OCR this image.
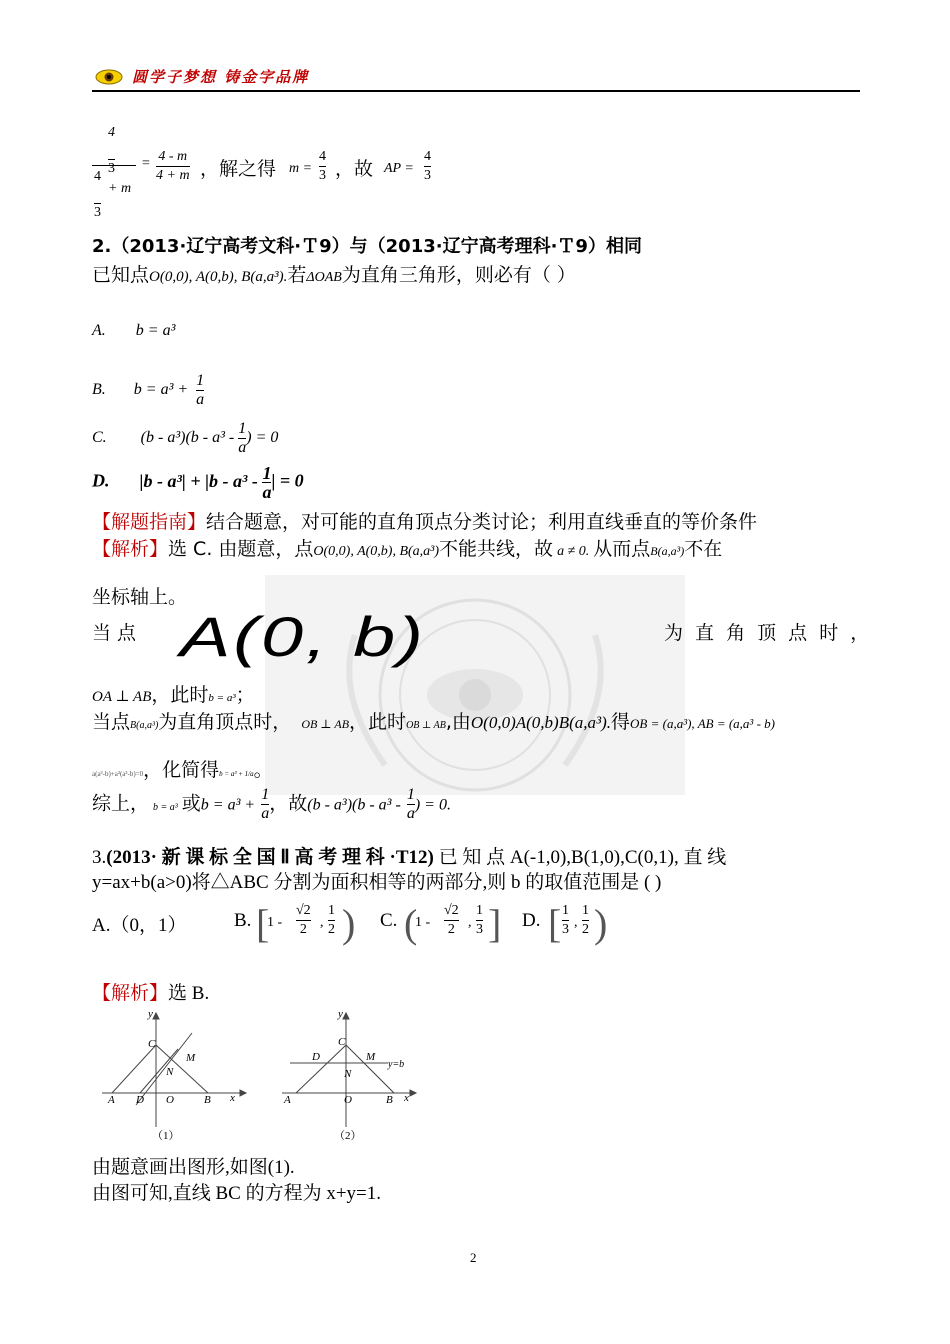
圆学子梦想 铸金字品牌
4

3
4

3
+ m
= 4 - m
4 + m ，解之得 m =
4
3 ，故 AP =
4
3
2.（2013·辽宁高考文科·Ｔ9）与（2013·辽宁高考理科·Ｔ9）相同
已知点O(0,0), A(0,b), B(a,a³).若ΔOAB为直角三角形，则必有（ ）
A. b = a³
B. $b = a^3 + \frac{1}{a}$
C. $(b - a^3)(b - a^3 - \frac{1}{a}$ ) = 0
D. $|b - a^3| + |b - a^3 - \frac{1}{a}$ | = 0
【解题指南】结合题意，对可能的直角顶点分类讨论；利用直线垂直的等价条件
【解析】选 C. 由题意，点O(0,0), A(0,b), B(a,a³)不能共线，故 a ≠ 0. 从而点B(a,a³)不在
坐标轴上。
当 点 A(0, b)	为 直 角 顶 点 时 ，
OA ⊥ AB，此时b = a³；
当点B(a,a³)为直角顶点时， OB ⊥ AB，此时OB ⊥ AB,由O(0,0)A(0,b)B(a,a³).得OB = (a,a³), AB = (a,a³ - b)
a(a³-b)+a³(a³-b)=0，化简得b = a³ + 1/a。
综上， b = a³ 或$b = a^3 + \frac{1}{a}$ ，故$(b - a^3)(b - a^3 - \frac{1}{a}$ ) = 0.
3.(2013· 新 课 标 全 国 Ⅱ 高 考 理 科 ·T12) 已 知 点 A(-1,0),B(1,0),C(0,1), 直 线
y=ax+b(a>0)将△ABC 分割为面积相等的两部分,则 b 的取值范围是 ( )
A.（0，1）	B. [
1 -
√2
2 ,
1
2 ) C. (
1 -
√2
2 ,
1
3 ] D. [ 1
3 ,
1
2 )
【解析】选 B.
y
x
C
M
N
A D O	B
（1）
y
x
C
D	M
N
y=b
A	O	B
（2）
由题意画出图形,如图(1).
由图可知,直线 BC 的方程为 x+y=1.
2
